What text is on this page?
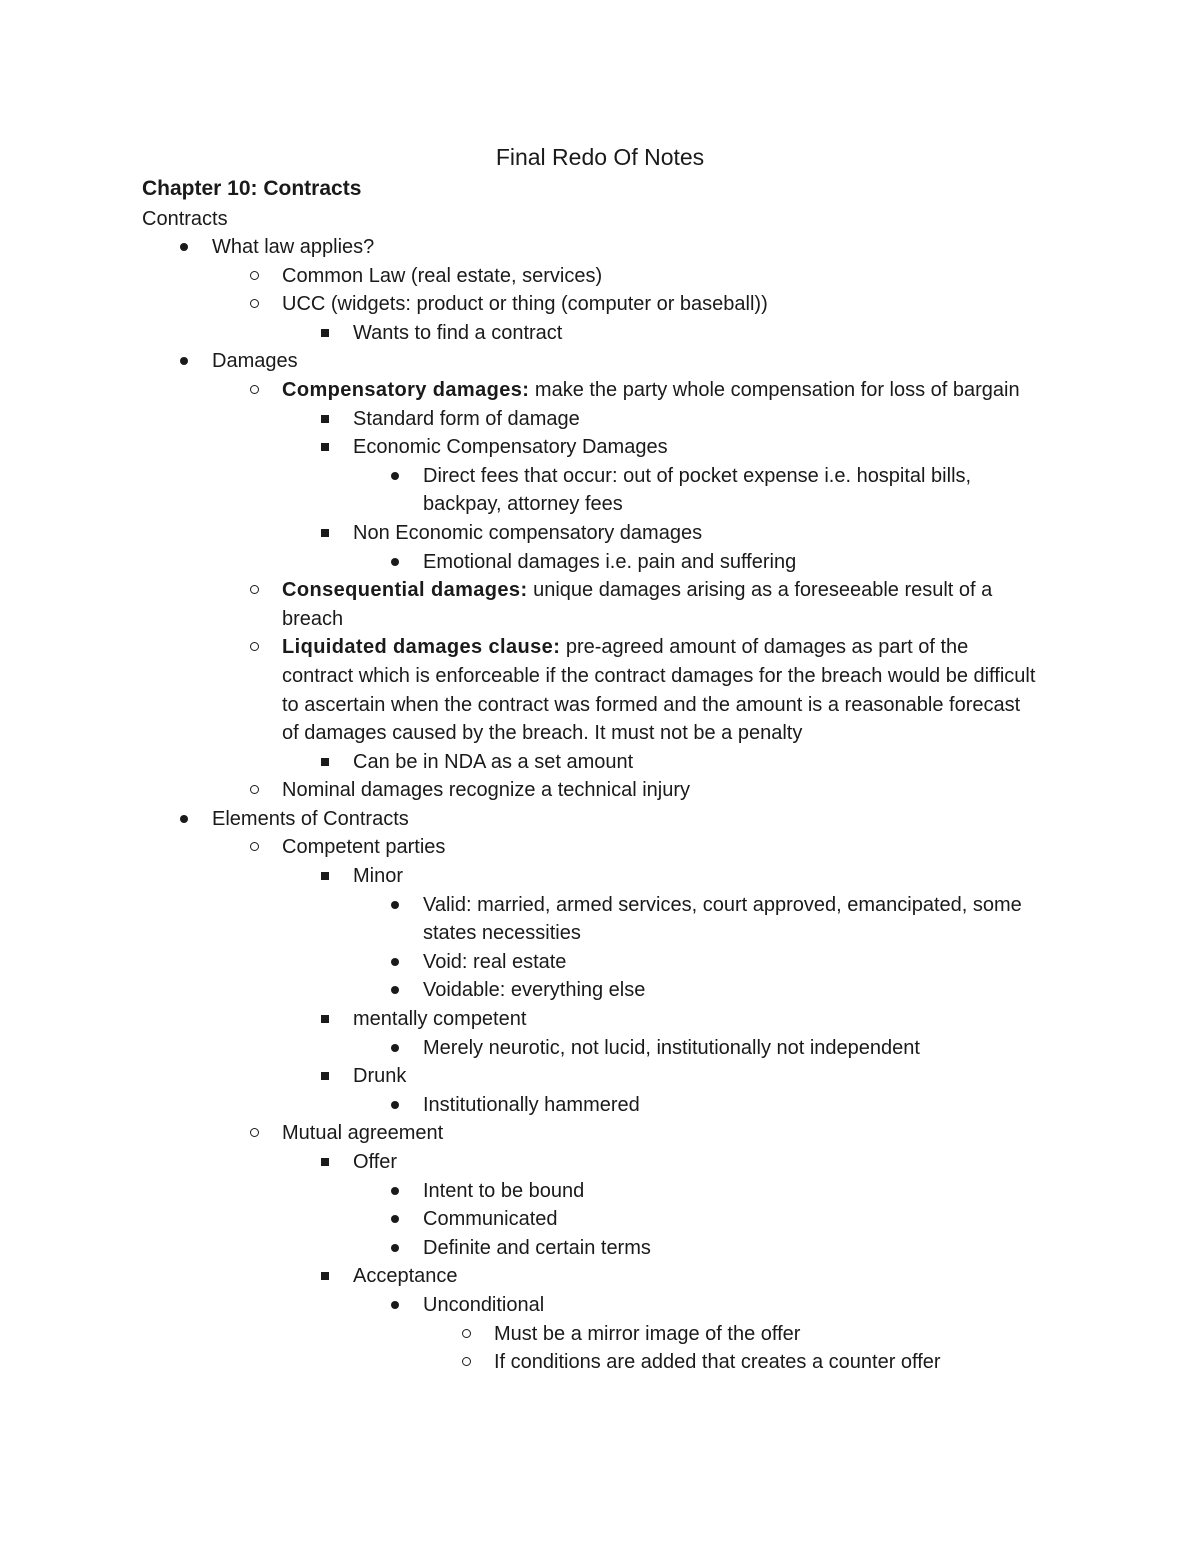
Final Redo Of Notes
Chapter 10: Contracts
Contracts
What law applies?
Common Law (real estate, services)
UCC (widgets: product or thing (computer or baseball))
Wants to find a contract
Damages
Compensatory damages: make the party whole compensation for loss of bargain
Standard form of damage
Economic Compensatory Damages
Direct fees that occur: out of pocket expense i.e. hospital bills, backpay, attorney fees
Non Economic compensatory damages
Emotional damages i.e. pain and suffering
Consequential damages: unique damages arising as a foreseeable result of a breach
Liquidated damages clause: pre-agreed amount of damages as part of the contract which is enforceable if the contract damages for the breach would be difficult to ascertain when the contract was formed and the amount is a reasonable forecast of damages caused by the breach. It must not be a penalty
Can be in NDA as a set amount
Nominal damages recognize a technical injury
Elements of Contracts
Competent parties
Minor
Valid: married, armed services, court approved, emancipated, some states necessities
Void: real estate
Voidable: everything else
mentally competent
Merely neurotic, not lucid, institutionally not independent
Drunk
Institutionally hammered
Mutual agreement
Offer
Intent to be bound
Communicated
Definite and certain terms
Acceptance
Unconditional
Must be a mirror image of the offer
If conditions are added that creates a counter offer
